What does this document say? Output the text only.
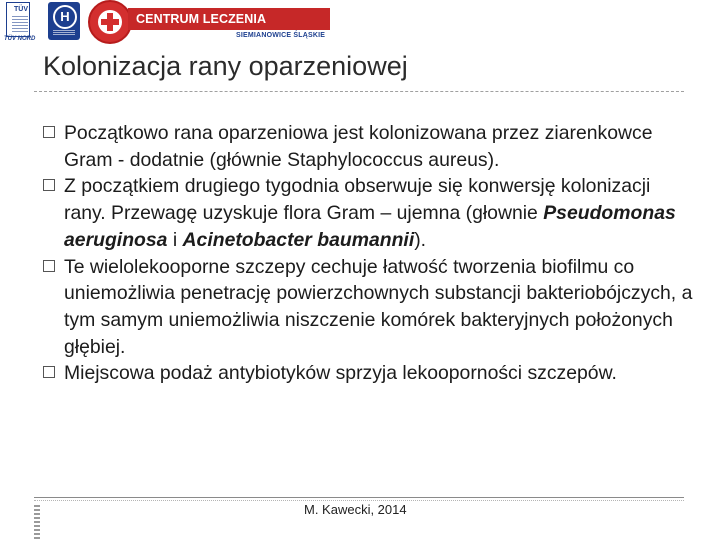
TÜV
TÜV NORD
H	CENTRUM LECZENIA OPARZEŃ	SIEMIANOWICE ŚLĄSKIE
Kolonizacja rany oparzeniowej
Początkowo rana oparzeniowa jest kolonizowana przez ziarenkowce Gram - dodatnie (głównie Staphylococcus aureus).
Z początkiem drugiego tygodnia obserwuje się konwersję kolonizacji rany. Przewagę uzyskuje flora Gram – ujemna (głownie Pseudomonas aeruginosa i Acinetobacter baumannii).
Te wielolekooporne szczepy cechuje łatwość tworzenia biofilmu co uniemożliwia penetrację powierzchownych substancji bakteriobójczych, a tym samym uniemożliwia niszczenie komórek bakteryjnych położonych głębiej.
Miejscowa podaż antybiotyków sprzyja lekooporności szczepów.
M. Kawecki, 2014
